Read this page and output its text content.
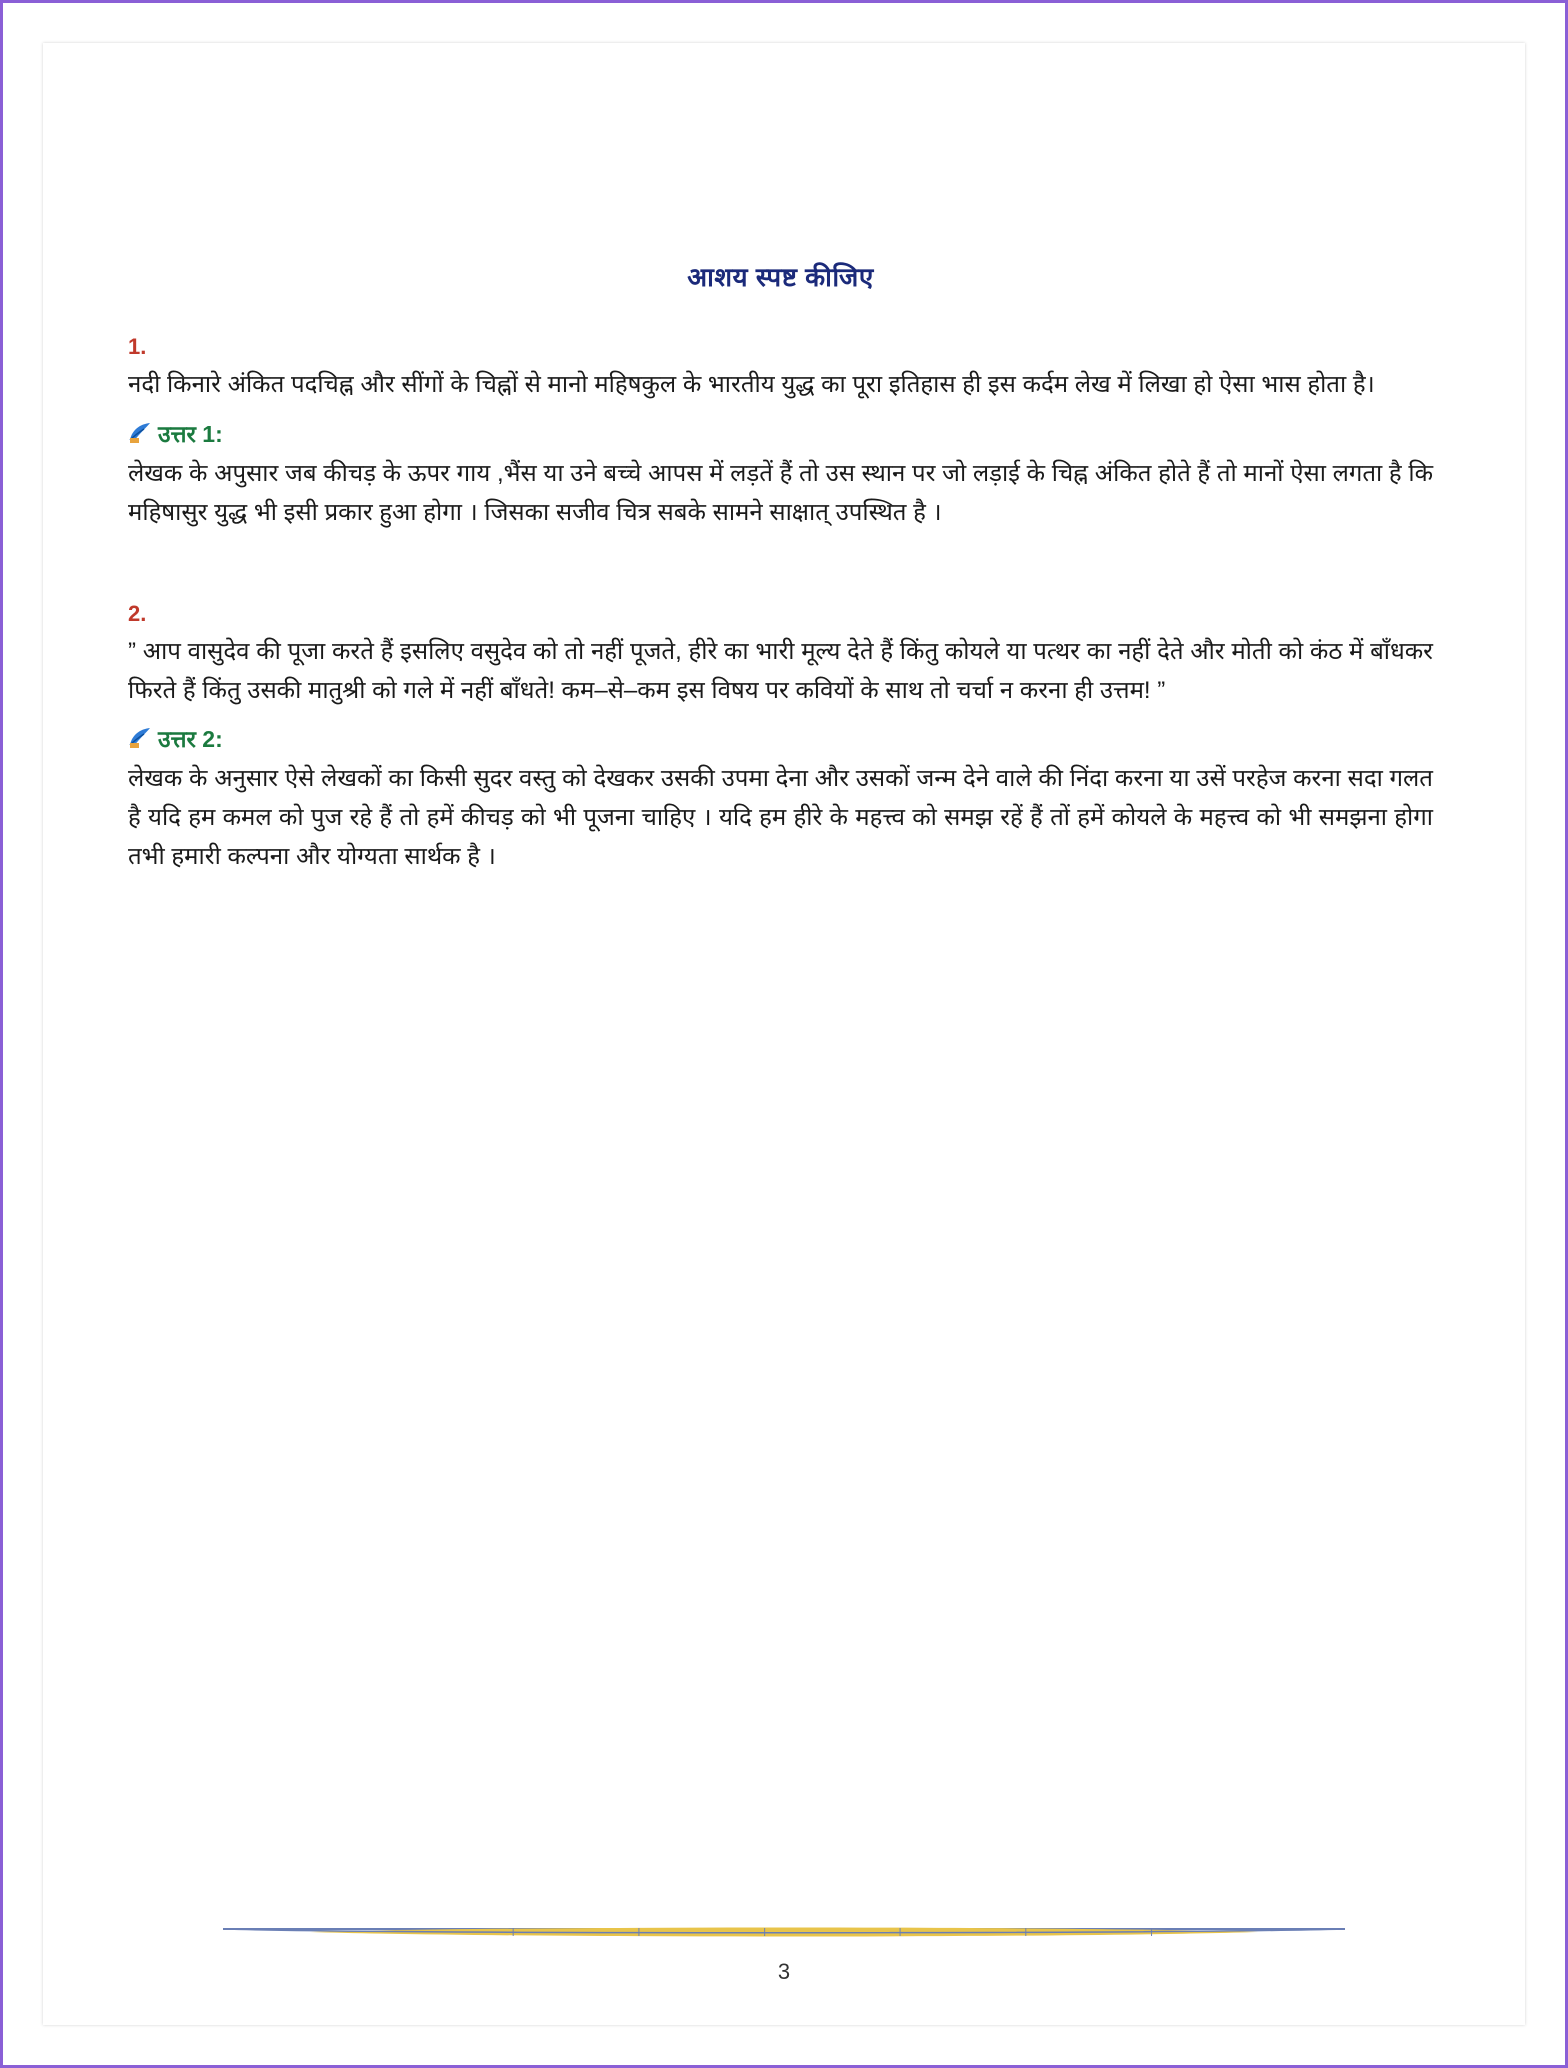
आशय स्पष्ट कीजिए
1.

नदी किनारे अंकित पदचिह्न और सींगों के चिह्नों से मानो महिषकुल के भारतीय युद्ध का पूरा इतिहास ही इस कर्दम लेख में लिखा हो ऐसा भास होता है।

उत्तर 1:

लेखक के अपुसार जब कीचड़ के ऊपर गाय ,भैंस या उने बच्चे आपस में लड़तें हैं तो उस स्थान पर जो लड़ाई के चिह्न अंकित होते हैं तो मानों ऐसा लगता है कि महिषासुर युद्ध भी इसी प्रकार हुआ होगा । जिसका सजीव चित्र सबके सामने साक्षात् उपस्थित है ।

2.

” आप वासुदेव की पूजा करते हैं इसलिए वसुदेव को तो नहीं पूजते, हीरे का भारी मूल्य देते हैं किंतु कोयले या पत्थर का नहीं देते और मोती को कंठ में बाँधकर फिरते हैं किंतु उसकी मातुश्री को गले में नहीं बाँधते! कम–से–कम इस विषय पर कवियों के साथ तो चर्चा न करना ही उत्तम! ”

उत्तर 2:

लेखक के अनुसार ऐसे लेखकों का किसी सुदर वस्तु को देखकर उसकी उपमा देना और उसकों जन्म देने वाले की निंदा करना या उसें परहेज करना सदा गलत है यदि हम कमल को पुज रहे हैं तो हमें कीचड़ को भी पूजना चाहिए । यदि हम हीरे के महत्त्व को समझ रहें हैं तों हमें कोयले के महत्त्व को भी समझना होगा तभी हमारी कल्पना और योग्यता सार्थक है ।

3
